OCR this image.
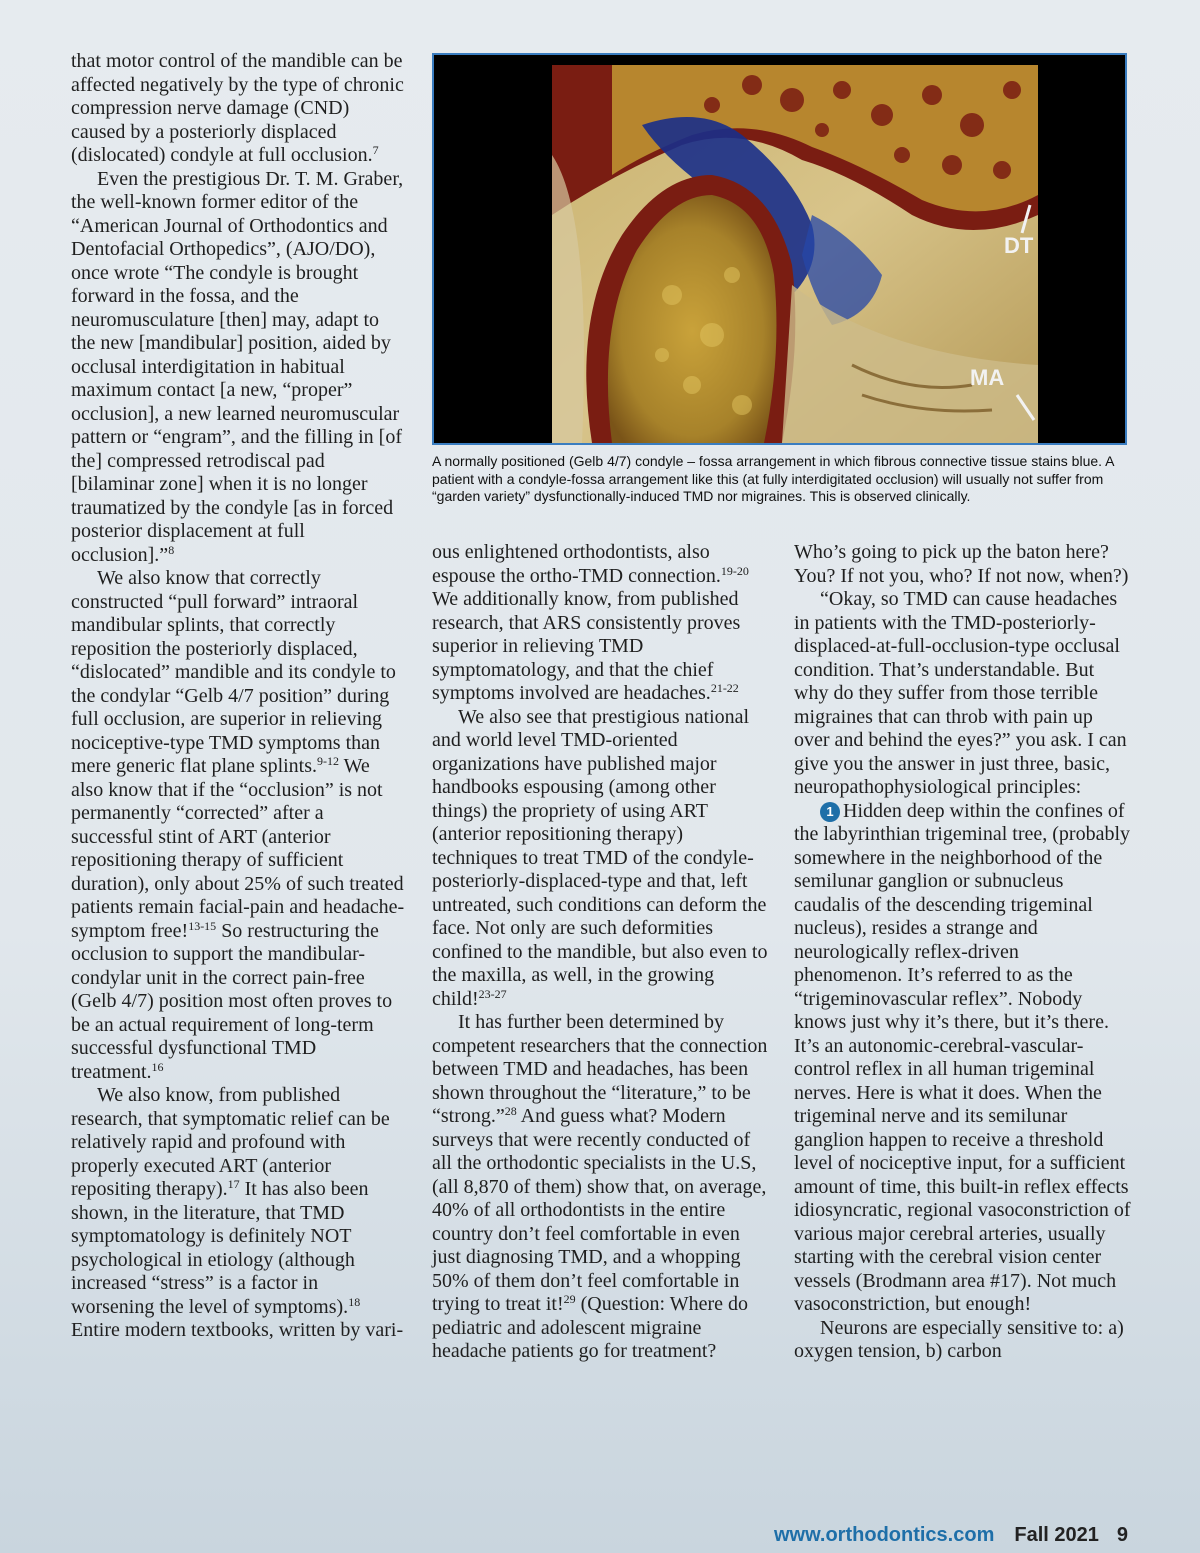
that motor control of the mandible can be affected negatively by the type of chronic compression nerve damage (CND) caused by a posteriorly displaced (dislocated) condyle at full occlusion.$^7$

Even the prestigious Dr. T. M. Graber, the well-known former editor of the “American Journal of Orthodontics and Dentofacial Orthopedics”, (AJO/DO), once wrote “The condyle is brought forward in the fossa, and the neuromusculature [then] may, adapt to the new [mandibular] position, aided by occlusal interdigitation in habitual maximum contact [a new, “proper” occlusion], a new learned neuromuscular pattern or “engram”, and the filling in [of the] compressed retrodiscal pad [bilaminar zone] when it is no longer traumatized by the condyle [as in forced posterior displacement at full occlusion].”$^8$

We also know that correctly constructed “pull forward” intraoral mandibular splints, that correctly reposition the posteriorly displaced, “dislocated” mandible and its condyle to the condylar “Gelb 4/7 position” during full occlusion, are superior in relieving nociceptive-type TMD symptoms than mere generic flat plane splints.$^{9-12}$ We also know that if the “occlusion” is not permanently “corrected” after a successful stint of ART (anterior repositioning therapy of sufficient duration), only about 25% of such treated patients remain facial-pain and headache-symptom free!$^{13-15}$ So restructuring the occlusion to support the mandibular-condylar unit in the correct pain-free (Gelb 4/7) position most often proves to be an actual requirement of long-term successful dysfunctional TMD treatment.$^{16}$

We also know, from published research, that symptomatic relief can be relatively rapid and profound with properly executed ART (anterior repositing therapy).$^{17}$ It has also been shown, in the literature, that TMD symptomatology is definitely NOT psychological in etiology (although increased “stress” is a factor in worsening the level of symptoms).$^{18}$ Entire modern textbooks, written by vari-

DT
MA
A normally positioned (Gelb 4/7) condyle – fossa arrangement in which fibrous connective tissue stains blue. A patient with a condyle-fossa arrangement like this (at fully interdigitated occlusion) will usually not suffer from “garden variety” dysfunctionally-induced TMD nor migraines. This is observed clinically.

ous enlightened orthodontists, also espouse the ortho-TMD connection.$^{19-20}$ We additionally know, from published research, that ARS consistently proves superior in relieving TMD symptomatology, and that the chief symptoms involved are headaches.$^{21-22}$

We also see that prestigious national and world level TMD-oriented organizations have published major handbooks espousing (among other things) the propriety of using ART (anterior repositioning therapy) techniques to treat TMD of the condyle-posteriorly-displaced-type and that, left untreated, such conditions can deform the face. Not only are such deformities confined to the mandible, but also even to the maxilla, as well, in the growing child!$^{23-27}$

It has further been determined by competent researchers that the connection between TMD and headaches, has been shown throughout the “literature,” to be “strong.”$^{28}$ And guess what? Modern surveys that were recently conducted of all the orthodontic specialists in the U.S, (all 8,870 of them) show that, on average, 40% of all orthodontists in the entire country don’t feel comfortable in even just diagnosing TMD, and a whopping 50% of them don’t feel comfortable in trying to treat it!$^{29}$ (Question: Where do pediatric and adolescent migraine headache patients go for treatment?

Who’s going to pick up the baton here? You? If not you, who? If not now, when?)

“Okay, so TMD can cause headaches in patients with the TMD-posteriorly-displaced-at-full-occlusion-type occlusal condition. That’s understandable. But why do they suffer from those terrible migraines that can throb with pain up over and behind the eyes?” you ask. I can give you the answer in just three, basic, neuropathophysiological principles:

1 Hidden deep within the confines of the labyrinthian trigeminal tree, (probably somewhere in the neighborhood of the semilunar ganglion or subnucleus caudalis of the descending trigeminal nucleus), resides a strange and neurologically reflex-driven phenomenon. It’s referred to as the “trigeminovascular reflex”. Nobody knows just why it’s there, but it’s there. It’s an autonomic-cerebral-vascular-control reflex in all human trigeminal nerves. Here is what it does. When the trigeminal nerve and its semilunar ganglion happen to receive a threshold level of nociceptive input, for a sufficient amount of time, this built-in reflex effects idiosyncratic, regional vasoconstriction of various major cerebral arteries, usually starting with the cerebral vision center vessels (Brodmann area #17). Not much vasoconstriction, but enough!

Neurons are especially sensitive to: a) oxygen tension, b) carbon

www.orthodontics.com Fall 2021 9
